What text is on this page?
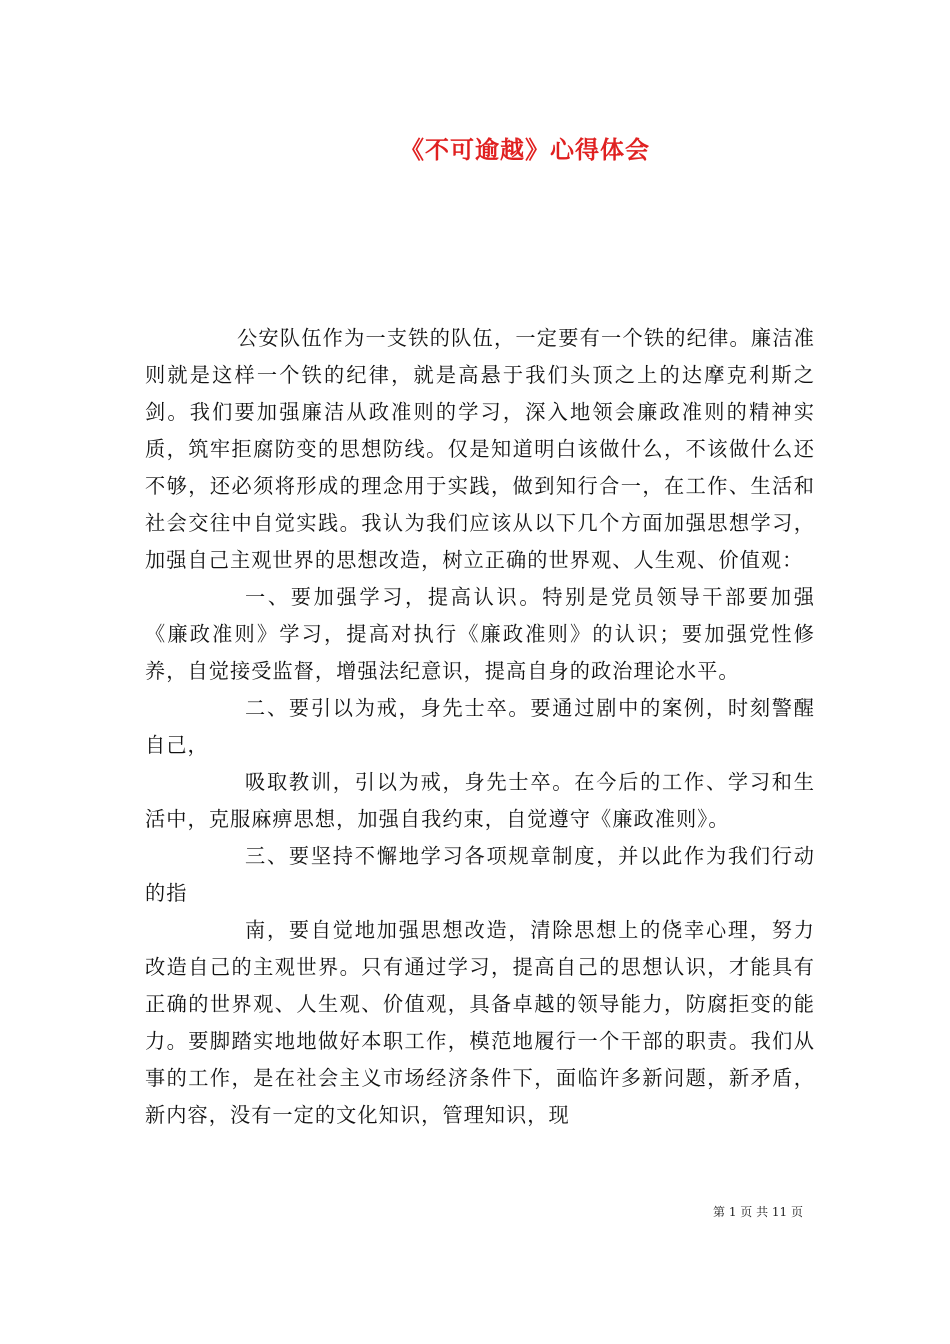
《不可逾越》心得体会

公安队伍作为一支铁的队伍，一定要有一个铁的纪律。廉洁准则就是这样一个铁的纪律，就是高悬于我们头顶之上的达摩克利斯之剑。我们要加强廉洁从政准则的学习，深入地领会廉政准则的精神实质，筑牢拒腐防变的思想防线。仅是知道明白该做什么，不该做什么还不够，还必须将形成的理念用于实践，做到知行合一，在工作、生活和社会交往中自觉实践。我认为我们应该从以下几个方面加强思想学习，加强自己主观世界的思想改造，树立正确的世界观、人生观、价值观：

一、要加强学习，提高认识。特别是党员领导干部要加强《廉政准则》学习，提高对执行《廉政准则》的认识；要加强党性修养，自觉接受监督，增强法纪意识，提高自身的政治理论水平。

二、要引以为戒，身先士卒。要通过剧中的案例，时刻警醒自己，

吸取教训，引以为戒，身先士卒。在今后的工作、学习和生活中，克服麻痹思想，加强自我约束，自觉遵守《廉政准则》。

三、要坚持不懈地学习各项规章制度，并以此作为我们行动的指

南，要自觉地加强思想改造，清除思想上的侥幸心理，努力改造自己的主观世界。只有通过学习，提高自己的思想认识，才能具有正确的世界观、人生观、价值观，具备卓越的领导能力，防腐拒变的能力。要脚踏实地地做好本职工作，模范地履行一个干部的职责。我们从事的工作，是在社会主义市场经济条件下，面临许多新问题，新矛盾，新内容，没有一定的文化知识，管理知识，现

第 1 页 共 11 页
